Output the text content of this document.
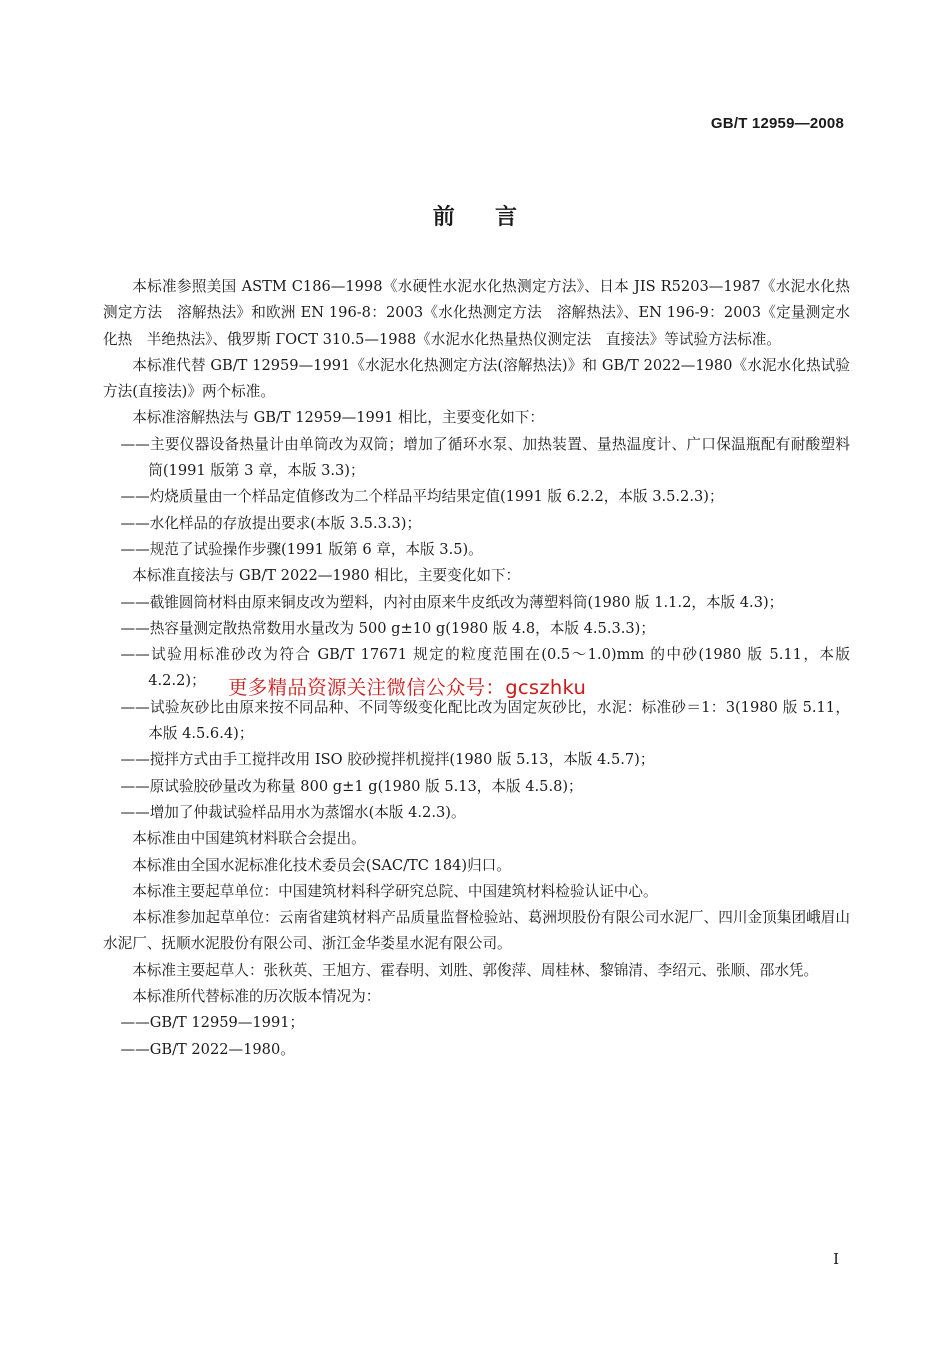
GB/T 12959—2008
前 言

本标准参照美国 ASTM C186—1998《水硬性水泥水化热测定方法》、日本 JIS R5203—1987《水泥水化热测定方法　溶解热法》和欧洲 EN 196-8：2003《水化热测定方法　溶解热法》、EN 196-9：2003《定量测定水化热　半绝热法》、俄罗斯 ГОСТ 310.5—1988《水泥水化热量热仪测定法　直接法》等试验方法标准。

本标准代替 GB/T 12959—1991《水泥水化热测定方法(溶解热法)》和 GB/T 2022—1980《水泥水化热试验方法(直接法)》两个标准。

本标准溶解热法与 GB/T 12959—1991 相比，主要变化如下：

——主要仪器设备热量计由单筒改为双筒；增加了循环水泵、加热装置、量热温度计、广口保温瓶配有耐酸塑料筒(1991 版第 3 章，本版 3.3)；

——灼烧质量由一个样品定值修改为二个样品平均结果定值(1991 版 6.2.2，本版 3.5.2.3)；

——水化样品的存放提出要求(本版 3.5.3.3)；

——规范了试验操作步骤(1991 版第 6 章，本版 3.5)。

本标准直接法与 GB/T 2022—1980 相比，主要变化如下：

——截锥圆筒材料由原来铜皮改为塑料，内衬由原来牛皮纸改为薄塑料筒(1980 版 1.1.2，本版 4.3)；

——热容量测定散热常数用水量改为 500 g±10 g(1980 版 4.8，本版 4.5.3.3)；

——试验用标准砂改为符合 GB/T 17671 规定的粒度范围在(0.5～1.0)mm 的中砂(1980 版 5.11，本版 4.2.2)；

——试验灰砂比由原来按不同品种、不同等级变化配比改为固定灰砂比，水泥：标准砂＝1：3(1980 版 5.11，本版 4.5.6.4)；

——搅拌方式由手工搅拌改用 ISO 胶砂搅拌机搅拌(1980 版 5.13，本版 4.5.7)；

——原试验胶砂量改为称量 800 g±1 g(1980 版 5.13，本版 4.5.8)；

——增加了仲裁试验样品用水为蒸馏水(本版 4.2.3)。

本标准由中国建筑材料联合会提出。

本标准由全国水泥标准化技术委员会(SAC/TC 184)归口。

本标准主要起草单位：中国建筑材料科学研究总院、中国建筑材料检验认证中心。

本标准参加起草单位：云南省建筑材料产品质量监督检验站、葛洲坝股份有限公司水泥厂、四川金顶集团峨眉山水泥厂、抚顺水泥股份有限公司、浙江金华娄星水泥有限公司。

本标准主要起草人：张秋英、王旭方、霍春明、刘胜、郭俊萍、周桂林、黎锦清、李绍元、张顺、邵水凭。

本标准所代替标准的历次版本情况为：

——GB/T 12959—1991；

——GB/T 2022—1980。

更多精品资源关注微信公众号：gcszhku
I
